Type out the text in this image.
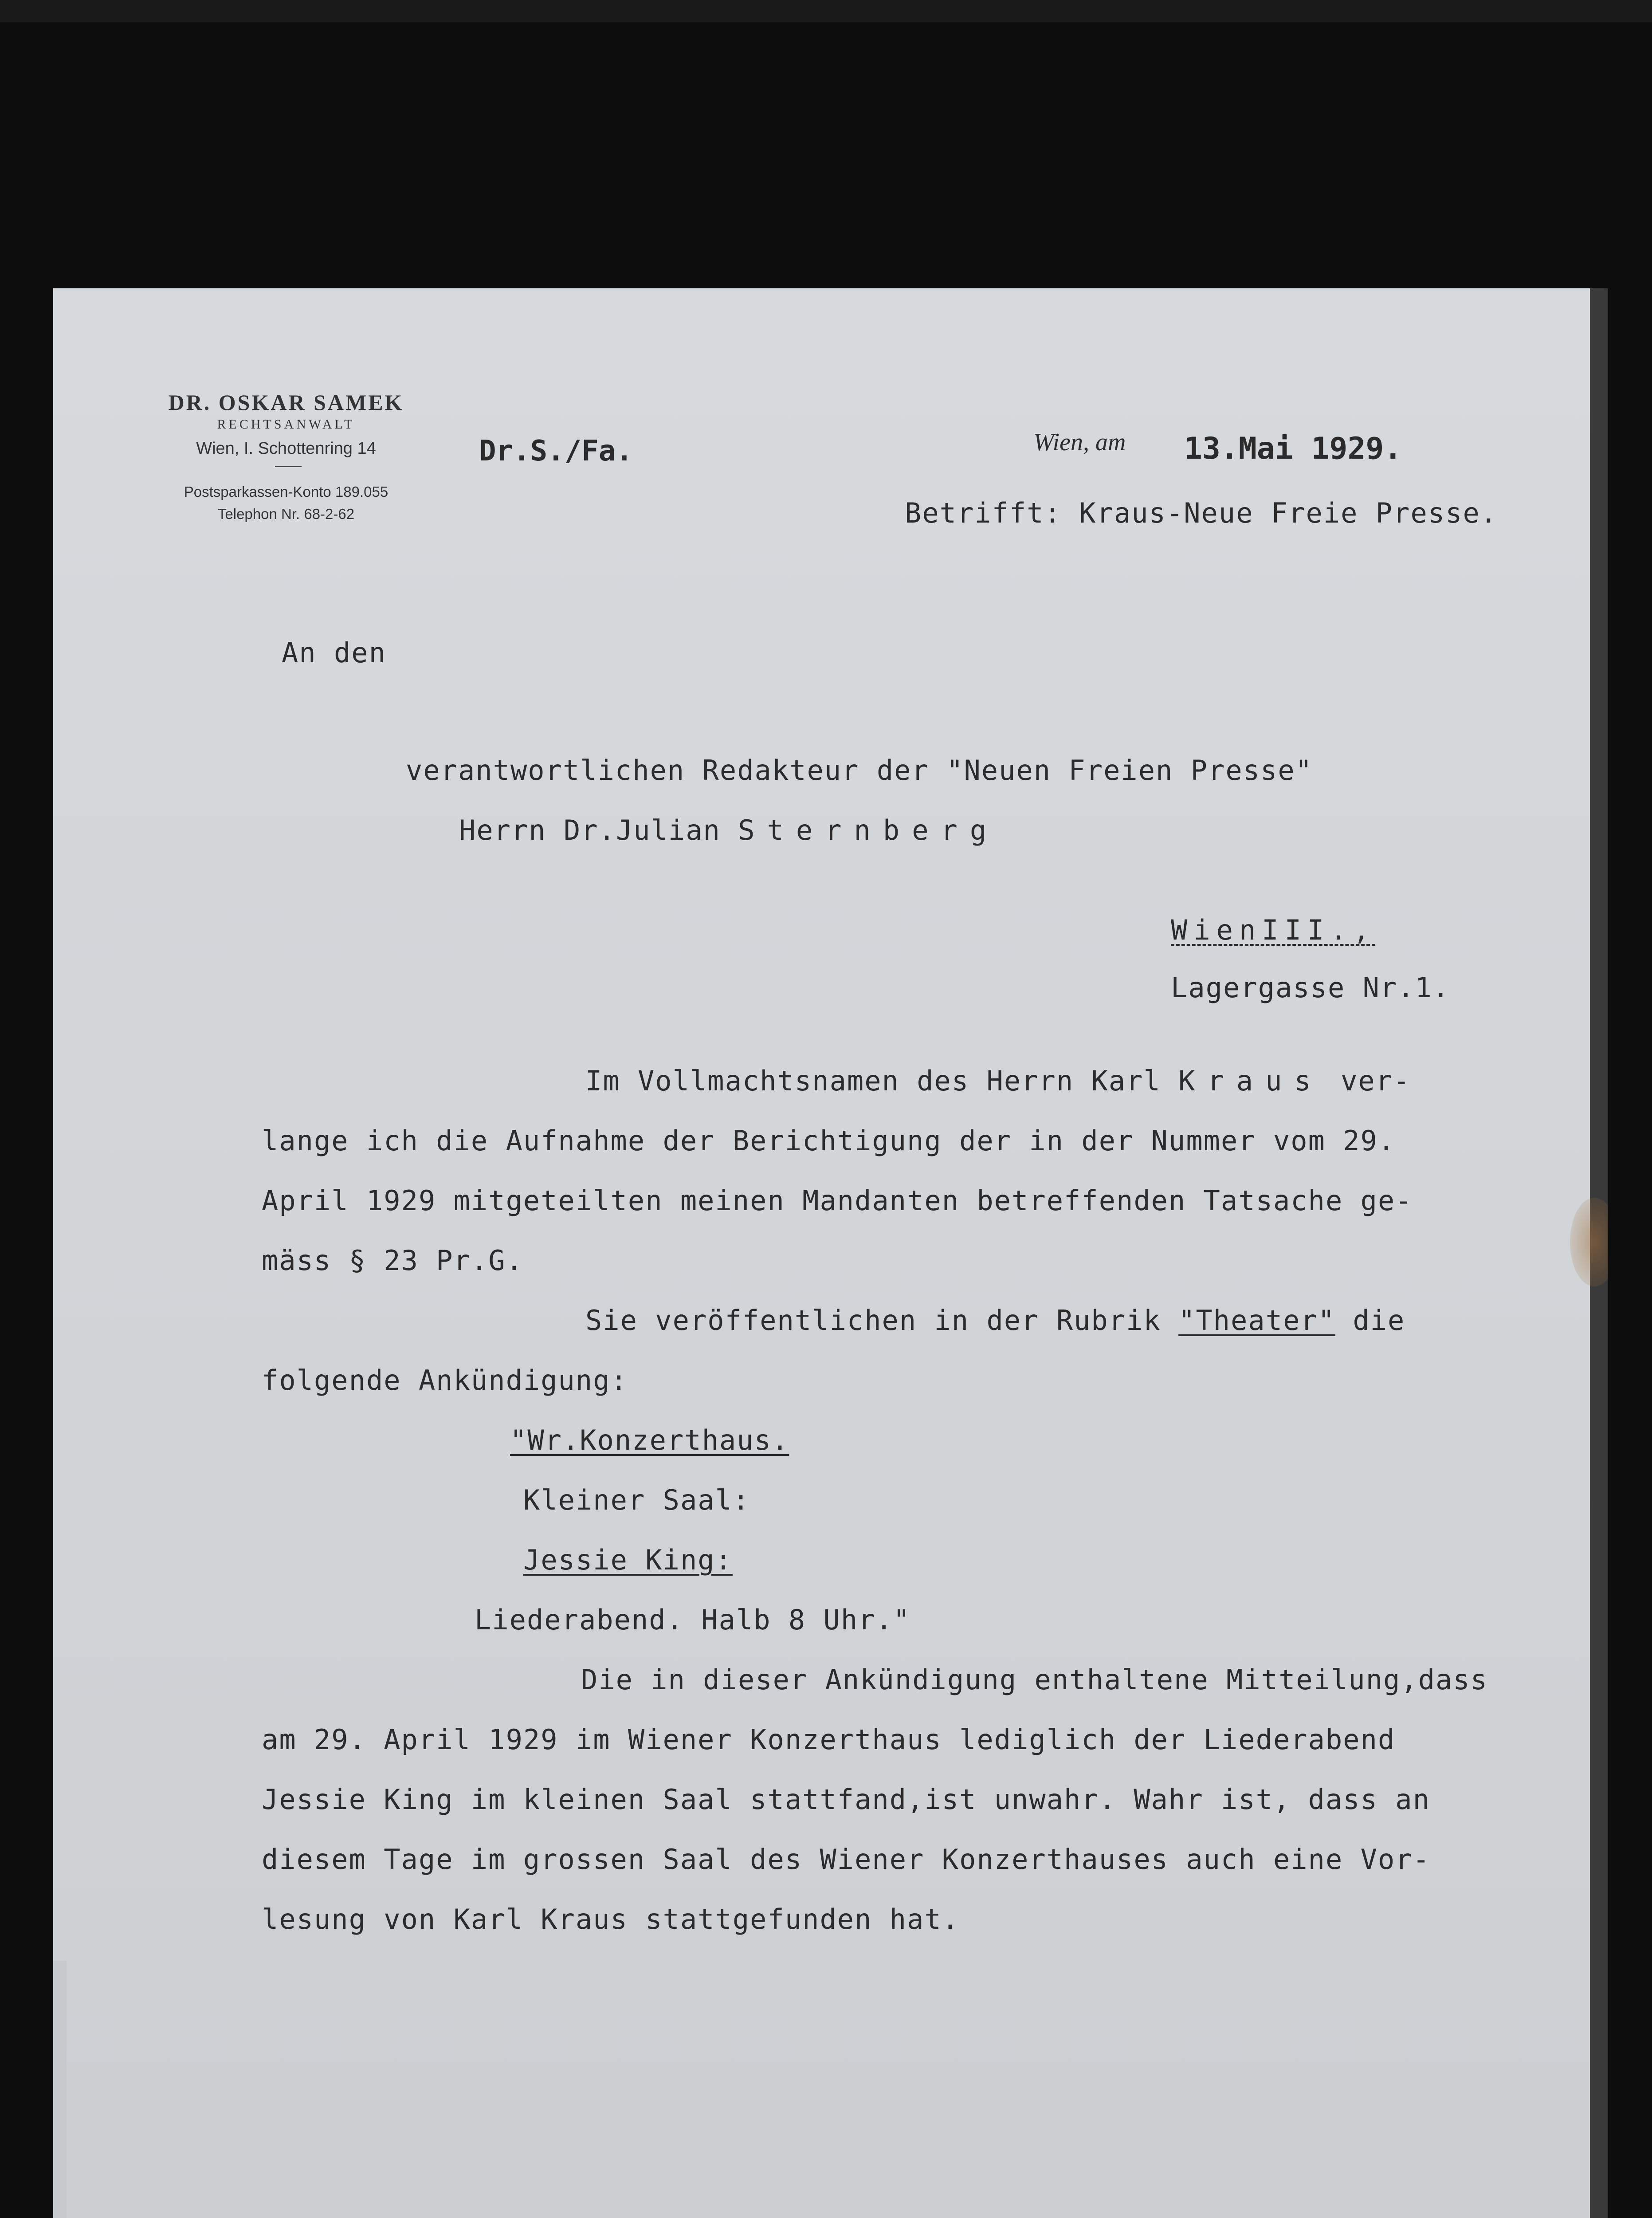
DR. OSKAR SAMEK
RECHTSANWALT
Wien, I. Schottenring 14
Postsparkassen-Konto 189.055
Telephon Nr. 68-2-62
Dr.S./Fa.	Wien, am 13.Mai 1929.
Betrifft: Kraus-Neue Freie Presse.
An den
verantwortlichen Redakteur der "Neuen Freien Presse"
Herrn Dr.Julian Sternberg
WienIII.,
Lagergasse Nr.1.
Im Vollmachtsnamen des Herrn Karl Kraus ver-
lange ich die Aufnahme der Berichtigung der in der Nummer vom 29.
April 1929 mitgeteilten meinen Mandanten betreffenden Tatsache ge-
mäss § 23 Pr.G.
Sie veröffentlichen in der Rubrik "Theater" die
folgende Ankündigung:
"Wr.Konzerthaus.
Kleiner Saal:
Jessie King:
Liederabend. Halb 8 Uhr."
Die in dieser Ankündigung enthaltene Mitteilung,dass
am 29. April 1929 im Wiener Konzerthaus lediglich der Liederabend
Jessie King im kleinen Saal stattfand,ist unwahr. Wahr ist, dass an
diesem Tage im grossen Saal des Wiener Konzerthauses auch eine Vor-
lesung von Karl Kraus stattgefunden hat.
